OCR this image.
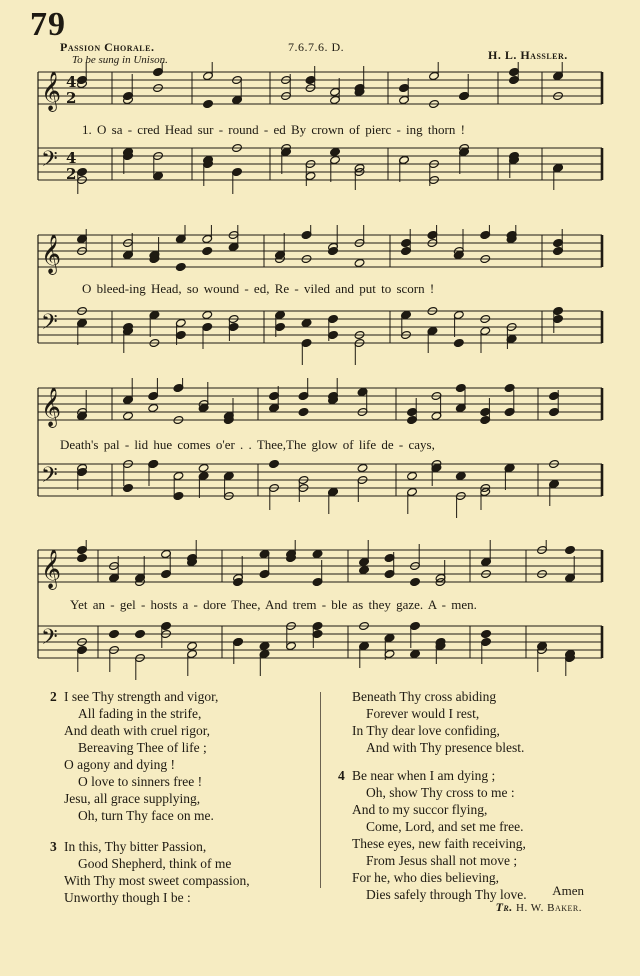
79
Passion Chorale.	7.6.7.6. D.
H. L. Hassler.
To be sung in Unison.
𝄞 4
2
𝄢 4
2
1. O sa - cred Head sur - round - ed By crown of pierc - ing thorn !
𝄞
𝄢
O bleed-ing Head, so wound - ed, Re - viled and put to scorn !
𝄞
𝄢
Death's pal - lid hue comes o'er . . Thee,The glow of life de - cays,
𝄞
𝄢
Yet an - gel - hosts a - dore Thee, And trem - ble as they gaze. A - men.
2 I see Thy strength and vigor,
All fading in the strife,
And death with cruel rigor,
Bereaving Thee of life ;
O agony and dying !
O love to sinners free !
Jesu, all grace supplying,
Oh, turn Thy face on me.
3 In this, Thy bitter Passion,
Good Shepherd, think of me
With Thy most sweet compassion,
Unworthy though I be :
Beneath Thy cross abiding
Forever would I rest,
In Thy dear love confiding,
And with Thy presence blest.
4 Be near when I am dying ;
Oh, show Thy cross to me :
And to my succor flying,
Come, Lord, and set me free.
These eyes, new faith receiving,
From Jesus shall not move ;
For he, who dies believing,
Dies safely through Thy love. Amen
Tr. H. W. Baker.
